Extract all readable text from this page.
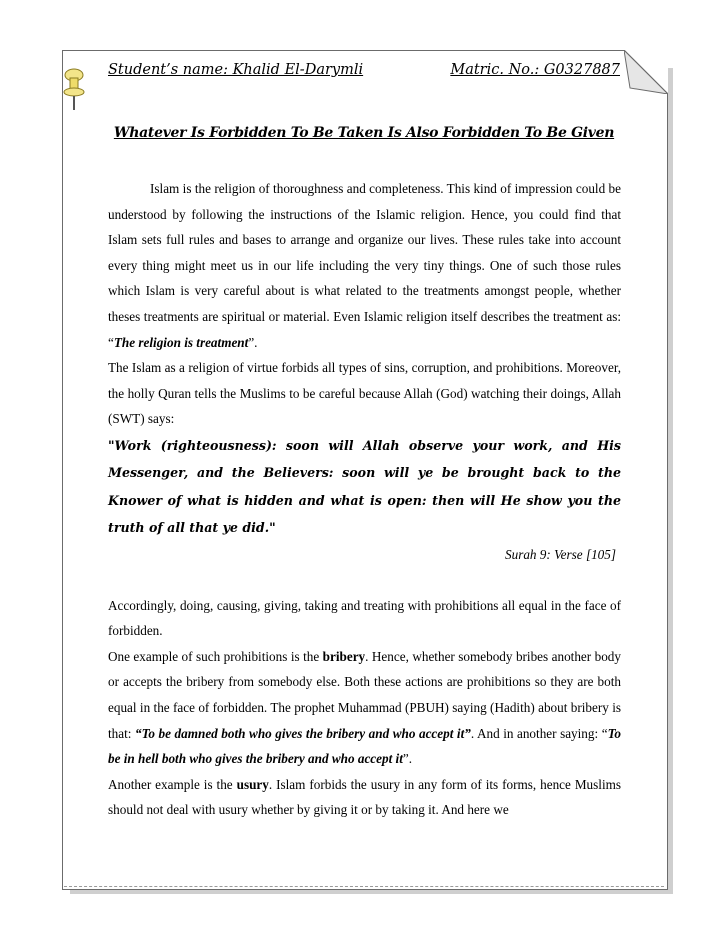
Student’s name: Khalid El-Darymli	Matric. No.: G0327887
Whatever Is Forbidden To Be Taken Is Also Forbidden To Be Given

Islam is the religion of thoroughness and completeness. This kind of impression could be understood by following the instructions of the Islamic religion. Hence, you could find that Islam sets full rules and bases to arrange and organize our lives. These rules take into account every thing might meet us in our life including the very tiny things. One of such those rules which Islam is very careful about is what related to the treatments amongst people, whether theses treatments are spiritual or material. Even Islamic religion itself describes the treatment as: “The religion is treatment”.

The Islam as a religion of virtue forbids all types of sins, corruption, and prohibitions. Moreover, the holly Quran tells the Muslims to be careful because Allah (God) watching their doings, Allah (SWT) says:

"Work (righteousness): soon will Allah observe your work, and His Messenger, and the Believers: soon will ye be brought back to the Knower of what is hidden and what is open: then will He show you the truth of all that ye did."

Surah 9: Verse [105]

Accordingly, doing, causing, giving, taking and treating with prohibitions all equal in the face of forbidden.

One example of such prohibitions is the bribery. Hence, whether somebody bribes another body or accepts the bribery from somebody else. Both these actions are prohibitions so they are both equal in the face of forbidden. The prophet Muhammad (PBUH) saying (Hadith) about bribery is that: “To be damned both who gives the bribery and who accept it”. And in another saying: “To be in hell both who gives the bribery and who accept it”.

Another example is the usury. Islam forbids the usury in any form of its forms, hence Muslims should not deal with usury whether by giving it or by taking it. And here we
